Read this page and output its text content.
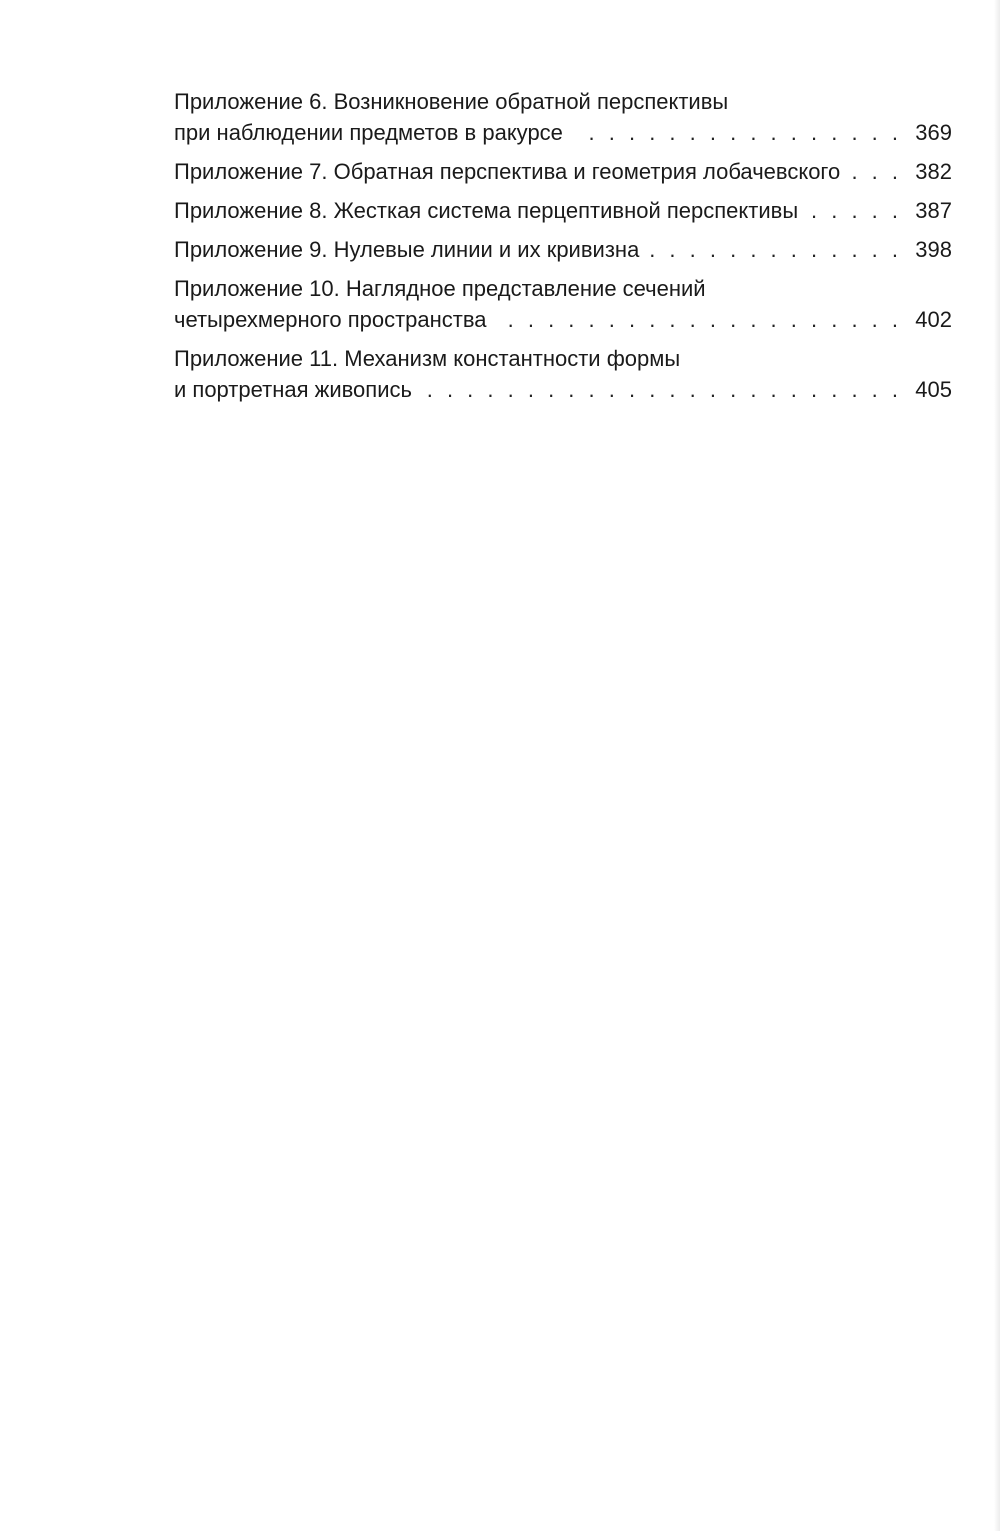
Приложение 6. Возникновение обратной перспективы
при наблюдении предметов в ракурсе . . .	369
Приложение 7. Обратная перспектива и геометрия лобачевского . . .	382
Приложение 8. Жесткая система перцептивной перспективы . . .	387
Приложение 9. Нулевые линии и их кривизна . . .	398
Приложение 10. Наглядное представление сечений
четырехмерного пространства . . .	402
Приложение 11. Механизм константности формы
и портретная живопись . . .	405
